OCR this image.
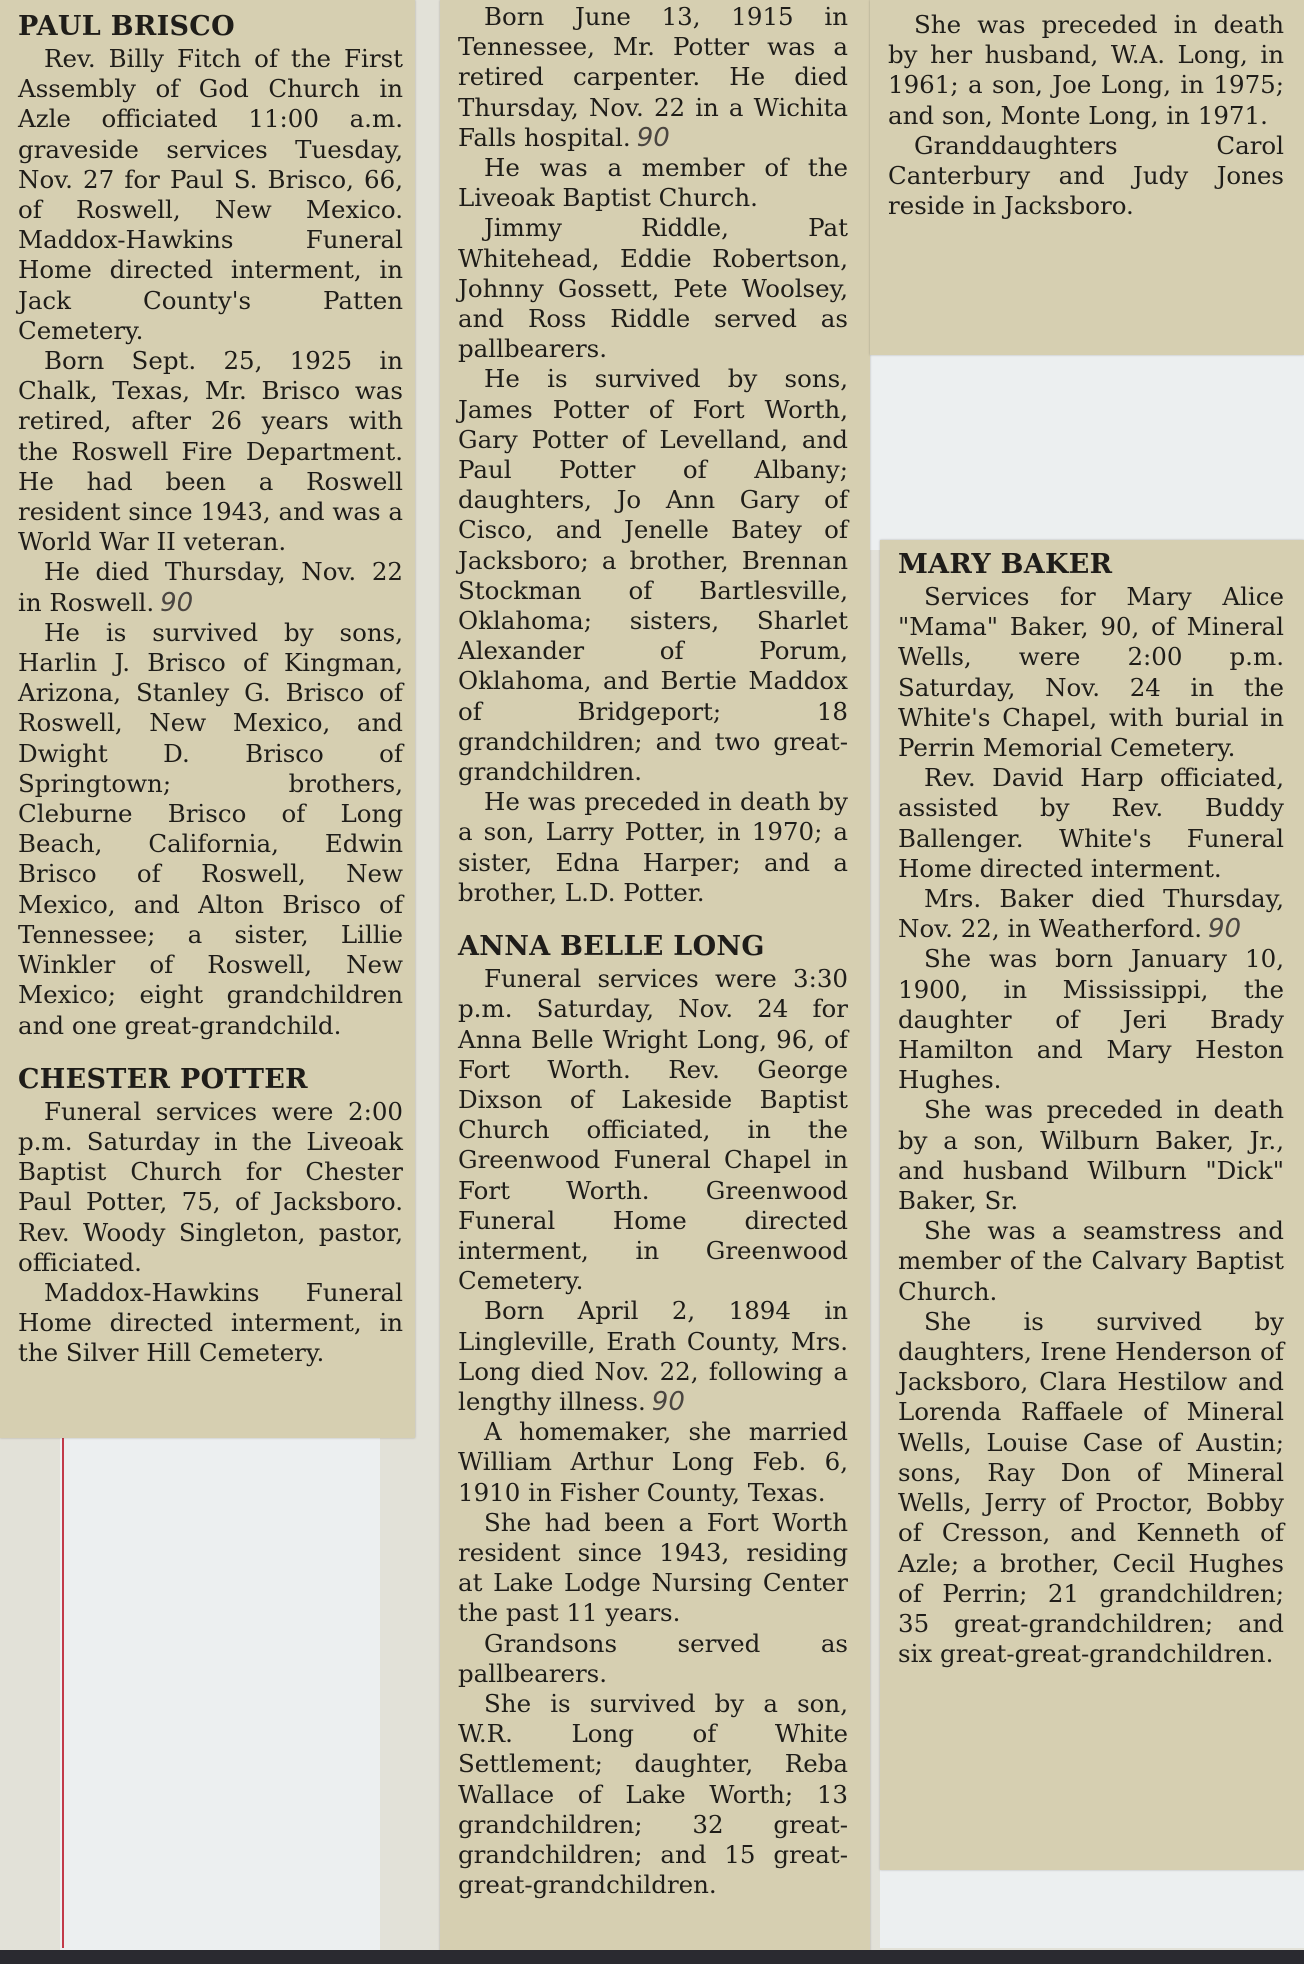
PAUL BRISCO

Rev. Billy Fitch of the First Assembly of God Church in Azle officiated 11:00 a.m. graveside services Tuesday, Nov. 27 for Paul S. Brisco, 66, of Roswell, New Mexico. Maddox-Hawkins Funeral Home directed interment, in Jack County's Patten Cemetery.

Born Sept. 25, 1925 in Chalk, Texas, Mr. Brisco was retired, after 26 years with the Roswell Fire Department. He had been a Roswell resident since 1943, and was a World War II veteran.

He died Thursday, Nov. 22 in Roswell. 90

He is survived by sons, Harlin J. Brisco of Kingman, Arizona, Stanley G. Brisco of Roswell, New Mexico, and Dwight D. Brisco of Springtown; brothers, Cleburne Brisco of Long Beach, California, Edwin Brisco of Roswell, New Mexico, and Alton Brisco of Tennessee; a sister, Lillie Winkler of Roswell, New Mexico; eight grandchildren and one great-grandchild.

CHESTER POTTER

Funeral services were 2:00 p.m. Saturday in the Liveoak Baptist Church for Chester Paul Potter, 75, of Jacksboro. Rev. Woody Singleton, pastor, officiated.

Maddox-Hawkins Funeral Home directed interment, in the Silver Hill Cemetery.

Born June 13, 1915 in Tennessee, Mr. Potter was a retired carpenter. He died Thursday, Nov. 22 in a Wichita Falls hospital. 90

He was a member of the Liveoak Baptist Church.

Jimmy Riddle, Pat Whitehead, Eddie Robertson, Johnny Gossett, Pete Woolsey, and Ross Riddle served as pallbearers.

He is survived by sons, James Potter of Fort Worth, Gary Potter of Levelland, and Paul Potter of Albany; daughters, Jo Ann Gary of Cisco, and Jenelle Batey of Jacksboro; a brother, Brennan Stockman of Bartlesville, Oklahoma; sisters, Sharlet Alexander of Porum, Oklahoma, and Bertie Maddox of Bridgeport; 18 grandchildren; and two great-grandchildren.

He was preceded in death by a son, Larry Potter, in 1970; a sister, Edna Harper; and a brother, L.D. Potter.

ANNA BELLE LONG

Funeral services were 3:30 p.m. Saturday, Nov. 24 for Anna Belle Wright Long, 96, of Fort Worth. Rev. George Dixson of Lakeside Baptist Church officiated, in the Greenwood Funeral Chapel in Fort Worth. Greenwood Funeral Home directed interment, in Greenwood Cemetery.

Born April 2, 1894 in Lingleville, Erath County, Mrs. Long died Nov. 22, following a lengthy illness. 90

A homemaker, she married William Arthur Long Feb. 6, 1910 in Fisher County, Texas.

She had been a Fort Worth resident since 1943, residing at Lake Lodge Nursing Center the past 11 years.

Grandsons served as pallbearers.

She is survived by a son, W.R. Long of White Settlement; daughter, Reba Wallace of Lake Worth; 13 grandchildren; 32 great-grandchildren; and 15 great-great-grandchildren.

She was preceded in death by her husband, W.A. Long, in 1961; a son, Joe Long, in 1975; and son, Monte Long, in 1971.

Granddaughters Carol Canterbury and Judy Jones reside in Jacksboro.

MARY BAKER

Services for Mary Alice "Mama" Baker, 90, of Mineral Wells, were 2:00 p.m. Saturday, Nov. 24 in the White's Chapel, with burial in Perrin Memorial Cemetery.

Rev. David Harp officiated, assisted by Rev. Buddy Ballenger. White's Funeral Home directed interment.

Mrs. Baker died Thursday, Nov. 22, in Weatherford. 90

She was born January 10, 1900, in Mississippi, the daughter of Jeri Brady Hamilton and Mary Heston Hughes.

She was preceded in death by a son, Wilburn Baker, Jr., and husband Wilburn "Dick" Baker, Sr.

She was a seamstress and member of the Calvary Baptist Church.

She is survived by daughters, Irene Henderson of Jacksboro, Clara Hestilow and Lorenda Raffaele of Mineral Wells, Louise Case of Austin; sons, Ray Don of Mineral Wells, Jerry of Proctor, Bobby of Cresson, and Kenneth of Azle; a brother, Cecil Hughes of Perrin; 21 grandchildren; 35 great-grandchildren; and six great-great-grandchildren.
